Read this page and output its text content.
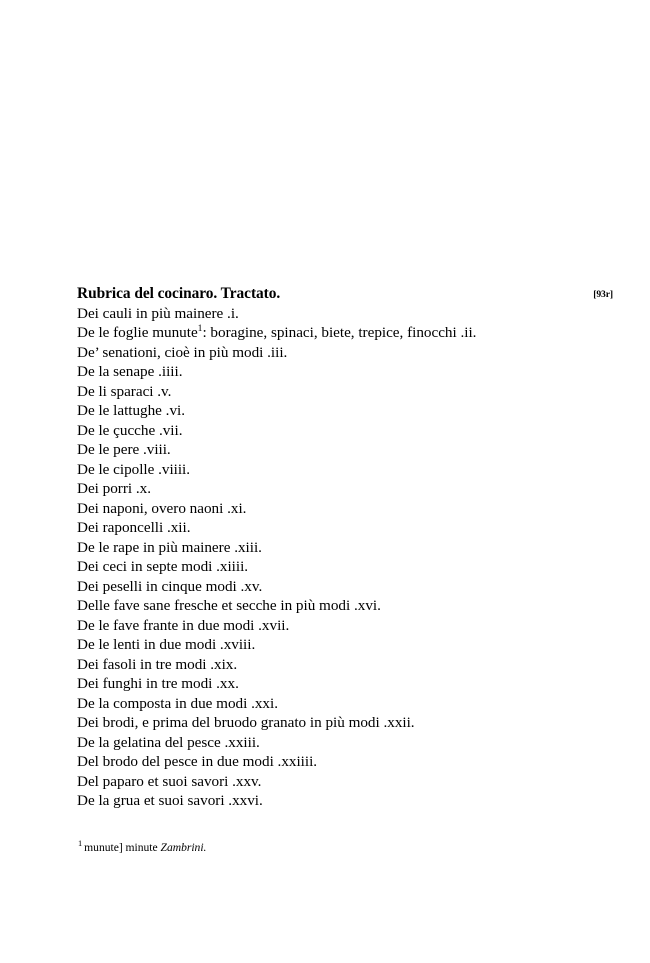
Rubrica del cocinaro. Tractato.	[93r]
Dei cauli in più mainere .i.
De le foglie munute$^1$: boragine, spinaci, biete, trepice, finocchi .ii.
De’ senationi, cioè in più modi .iii.
De la senape .iiii.
De li sparaci .v.
De le lattughe .vi.
De le çucche .vii.
De le pere .viii.
De le cipolle .viiii.
Dei porri .x.
Dei naponi, overo naoni .xi.
Dei raponcelli .xii.
De le rape in più mainere .xiii.
Dei ceci in septe modi .xiiii.
Dei peselli in cinque modi .xv.
Delle fave sane fresche et secche in più modi .xvi.
De le fave frante in due modi .xvii.
De le lenti in due modi .xviii.
Dei fasoli in tre modi .xix.
Dei funghi in tre modi .xx.
De la composta in due modi .xxi.
Dei brodi, e prima del bruodo granato in più modi .xxii.
De la gelatina del pesce .xxiii.
Del brodo del pesce in due modi .xxiiii.
Del paparo et suoi savori .xxv.
De la grua et suoi savori .xxvi.
$^1$ munute] minute Zambrini.
